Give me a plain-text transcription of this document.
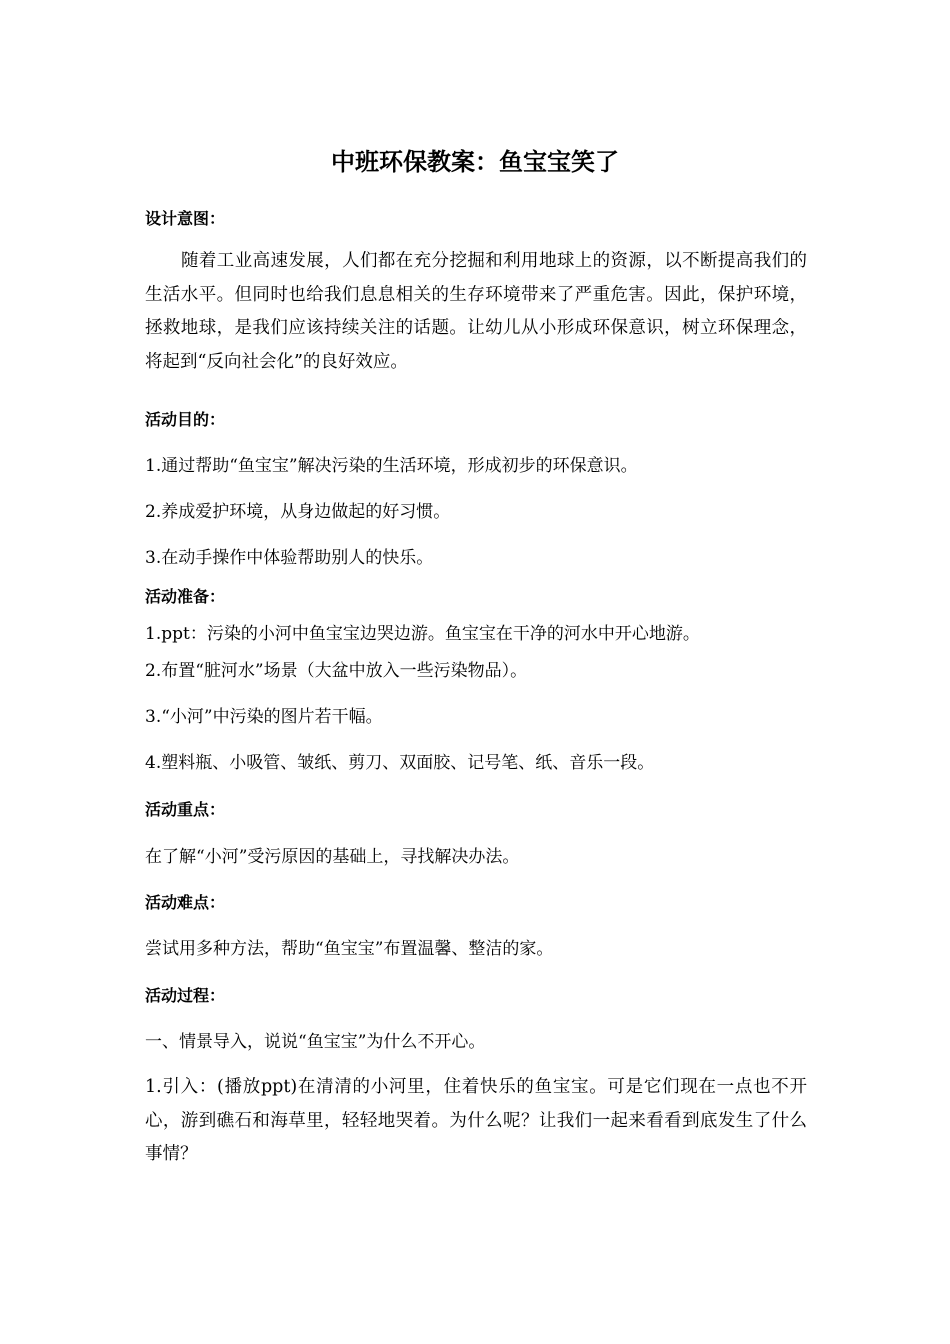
中班环保教案：鱼宝宝笑了
设计意图：

随着工业高速发展，人们都在充分挖掘和利用地球上的资源，以不断提高我们的生活水平。但同时也给我们息息相关的生存环境带来了严重危害。因此，保护环境，拯救地球，是我们应该持续关注的话题。让幼儿从小形成环保意识，树立环保理念，将起到“反向社会化”的良好效应。

活动目的：
1.通过帮助“鱼宝宝”解决污染的生活环境，形成初步的环保意识。
2.养成爱护环境，从身边做起的好习惯。
3.在动手操作中体验帮助别人的快乐。
活动准备：
1.ppt：污染的小河中鱼宝宝边哭边游。鱼宝宝在干净的河水中开心地游。
2.布置“脏河水”场景（大盆中放入一些污染物品）。
3.“小河”中污染的图片若干幅。
4.塑料瓶、小吸管、皱纸、剪刀、双面胶、记号笔、纸、音乐一段。
活动重点：
在了解“小河”受污原因的基础上，寻找解决办法。
活动难点：
尝试用多种方法，帮助“鱼宝宝”布置温馨、整洁的家。
活动过程：
一、情景导入，说说“鱼宝宝”为什么不开心。

1.引入：(播放ppt)在清清的小河里，住着快乐的鱼宝宝。可是它们现在一点也不开心，游到礁石和海草里，轻轻地哭着。为什么呢？让我们一起来看看到底发生了什么事情？
